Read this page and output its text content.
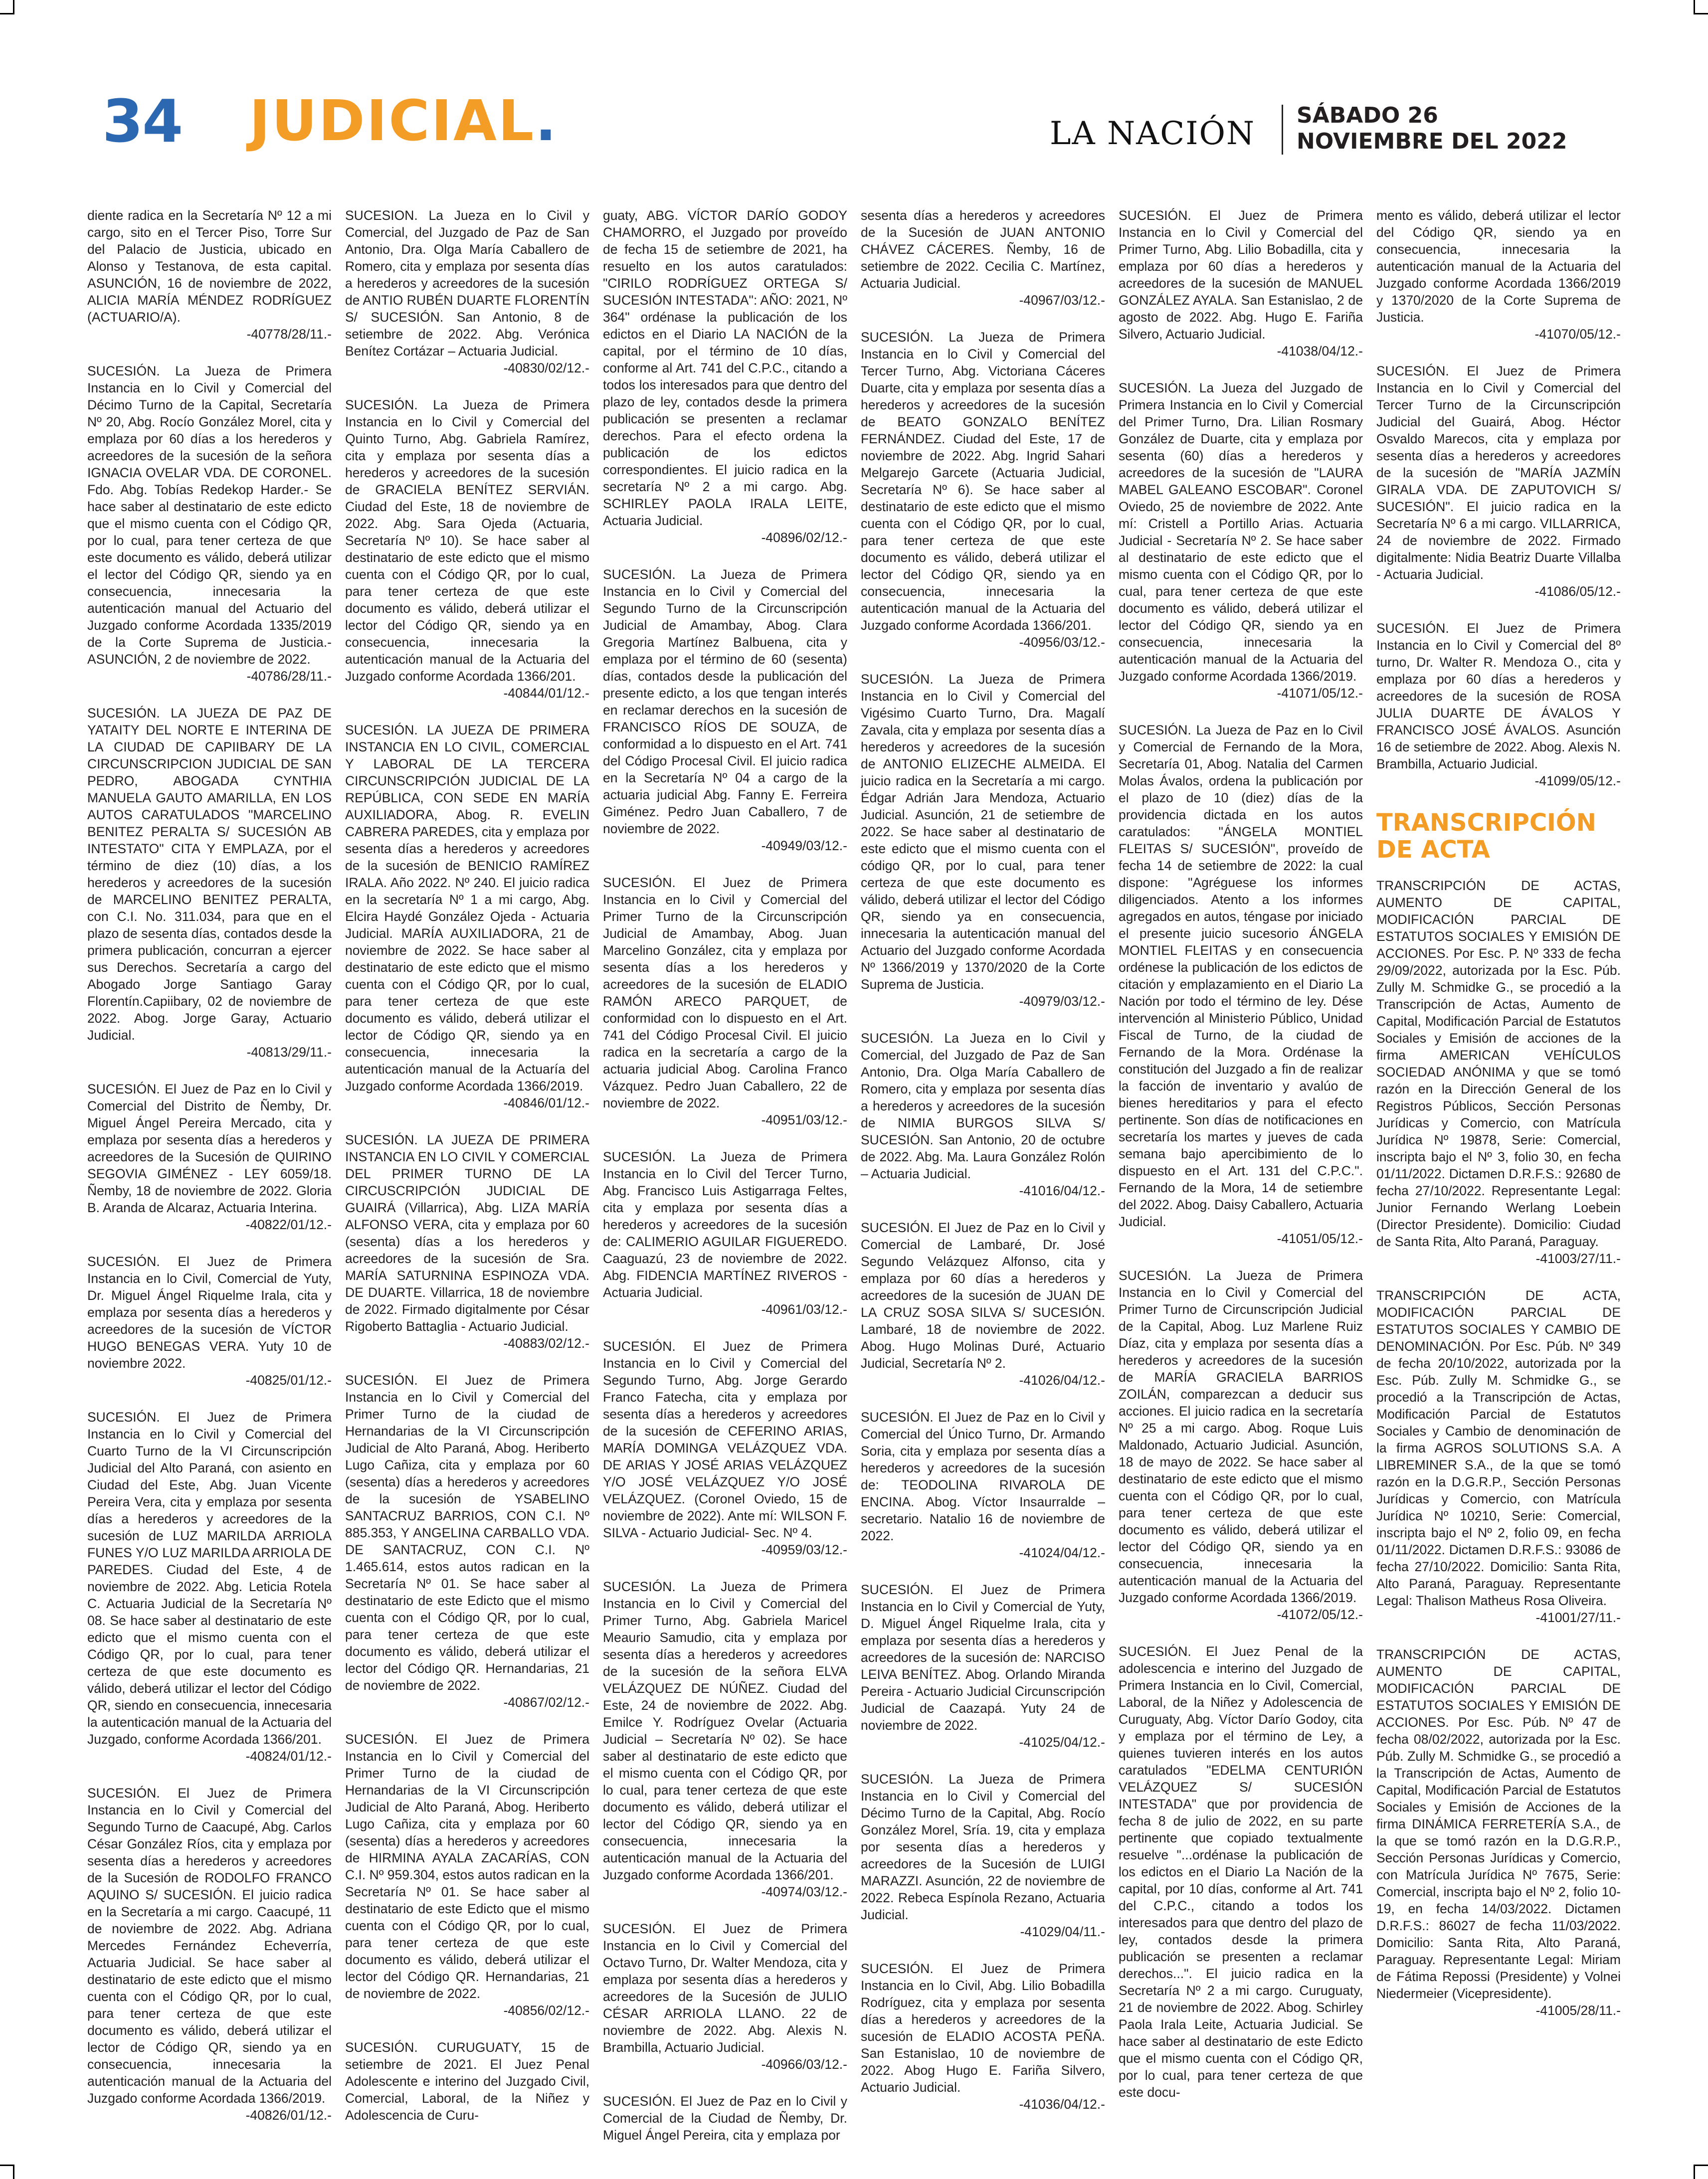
34 JUDICIAL.	LA NACIÓN SÁBADO 26
NOVIEMBRE DEL 2022

diente radica en la Secretaría Nº 12 a mi cargo, sito en el Tercer Piso, Torre Sur del Palacio de Justicia, ubicado en Alonso y Testanova, de esta capital. ASUNCIÓN, 16 de noviembre de 2022, ALICIA MARÍA MÉNDEZ RODRÍGUEZ (ACTUARIO/A).
-40778/28/11.-

SUCESIÓN. La Jueza de Primera Instancia en lo Civil y Comercial del Décimo Turno de la Capital, Secretaría Nº 20, Abg. Rocío González Morel, cita y emplaza por 60 días a los herederos y acreedores de la sucesión de la señora IGNACIA OVELAR VDA. DE CORONEL. Fdo. Abg. Tobías Redekop Harder.- Se hace saber al destinatario de este edicto que el mismo cuenta con el Código QR, por lo cual, para tener certeza de que este documento es válido, deberá utilizar el lector del Código QR, siendo ya en consecuencia, innecesaria la autenticación manual del Actuario del Juzgado conforme Acordada 1335/2019 de la Corte Suprema de Justicia.- ASUNCIÓN, 2 de noviembre de 2022.
-40786/28/11.-

SUCESIÓN. LA JUEZA DE PAZ DE YATAITY DEL NORTE E INTERINA DE LA CIUDAD DE CAPIIBARY DE LA CIRCUNSCRIPCION JUDICIAL DE SAN PEDRO, ABOGADA CYNTHIA MANUELA GAUTO AMARILLA, EN LOS AUTOS CARATULADOS "MARCELINO BENITEZ PERALTA S/ SUCESIÓN AB INTESTATO" CITA Y EMPLAZA, por el término de diez (10) días, a los herederos y acreedores de la sucesión de MARCELINO BENITEZ PERALTA, con C.I. No. 311.034, para que en el plazo de sesenta días, contados desde la primera publicación, concurran a ejercer sus Derechos. Secretaría a cargo del Abogado Jorge Santiago Garay Florentín.Capiibary, 02 de noviembre de 2022. Abog. Jorge Garay, Actuario Judicial.
-40813/29/11.-

SUCESIÓN. El Juez de Paz en lo Civil y Comercial del Distrito de Ñemby, Dr. Miguel Ángel Pereira Mercado, cita y emplaza por sesenta días a herederos y acreedores de la Sucesión de QUIRINO SEGOVIA GIMÉNEZ - LEY 6059/18. Ñemby, 18 de noviembre de 2022. Gloria B. Aranda de Alcaraz, Actuaria Interina.
-40822/01/12.-

SUCESIÓN. El Juez de Primera Instancia en lo Civil, Comercial de Yuty, Dr. Miguel Ángel Riquelme Irala, cita y emplaza por sesenta días a herederos y acreedores de la sucesión de VÍCTOR HUGO BENEGAS VERA. Yuty 10 de noviembre 2022.
-40825/01/12.-

SUCESIÓN. El Juez de Primera Instancia en lo Civil y Comercial del Cuarto Turno de la VI Circunscripción Judicial del Alto Paraná, con asiento en Ciudad del Este, Abg. Juan Vicente Pereira Vera, cita y emplaza por sesenta días a herederos y acreedores de la sucesión de LUZ MARILDA ARRIOLA FUNES Y/O LUZ MARILDA ARRIOLA DE PAREDES. Ciudad del Este, 4 de noviembre de 2022. Abg. Leticia Rotela C. Actuaria Judicial de la Secretaría Nº 08. Se hace saber al destinatario de este edicto que el mismo cuenta con el Código QR, por lo cual, para tener certeza de que este documento es válido, deberá utilizar el lector del Código QR, siendo en consecuencia, innecesaria la autenticación manual de la Actuaria del Juzgado, conforme Acordada 1366/201.
-40824/01/12.-

SUCESIÓN. El Juez de Primera Instancia en lo Civil y Comercial del Segundo Turno de Caacupé, Abg. Carlos César González Ríos, cita y emplaza por sesenta días a herederos y acreedores de la Sucesión de RODOLFO FRANCO AQUINO S/ SUCESIÓN. El juicio radica en la Secretaría a mi cargo. Caacupé, 11 de noviembre de 2022. Abg. Adriana Mercedes Fernández Echeverría, Actuaria Judicial. Se hace saber al destinatario de este edicto que el mismo cuenta con el Código QR, por lo cual, para tener certeza de que este documento es válido, deberá utilizar el lector de Código QR, siendo ya en consecuencia, innecesaria la autenticación manual de la Actuaria del Juzgado conforme Acordada 1366/2019.
-40826/01/12.-

SUCESION. La Jueza en lo Civil y Comercial, del Juzgado de Paz de San Antonio, Dra. Olga María Caballero de Romero, cita y emplaza por sesenta días a herederos y acreedores de la sucesión de ANTIO RUBÉN DUARTE FLORENTÍN S/ SUCESIÓN. San Antonio, 8 de setiembre de 2022. Abg. Verónica Benítez Cortázar – Actuaria Judicial.
-40830/02/12.-

SUCESIÓN. La Jueza de Primera Instancia en lo Civil y Comercial del Quinto Turno, Abg. Gabriela Ramírez, cita y emplaza por sesenta días a herederos y acreedores de la sucesión de GRACIELA BENÍTEZ SERVIÁN. Ciudad del Este, 18 de noviembre de 2022. Abg. Sara Ojeda (Actuaria, Secretaría Nº 10). Se hace saber al destinatario de este edicto que el mismo cuenta con el Código QR, por lo cual, para tener certeza de que este documento es válido, deberá utilizar el lector del Código QR, siendo ya en consecuencia, innecesaria la autenticación manual de la Actuaria del Juzgado conforme Acordada 1366/201.
-40844/01/12.-

SUCESIÓN. LA JUEZA DE PRIMERA INSTANCIA EN LO CIVIL, COMERCIAL Y LABORAL DE LA TERCERA CIRCUNSCRIPCIÓN JUDICIAL DE LA REPÚBLICA, CON SEDE EN MARÍA AUXILIADORA, Abog. R. EVELIN CABRERA PAREDES, cita y emplaza por sesenta días a herederos y acreedores de la sucesión de BENICIO RAMÍREZ IRALA. Año 2022. Nº 240. El juicio radica en la secretaría Nº 1 a mi cargo, Abg. Elcira Haydé González Ojeda - Actuaria Judicial. MARÍA AUXILIADORA, 21 de noviembre de 2022. Se hace saber al destinatario de este edicto que el mismo cuenta con el Código QR, por lo cual, para tener certeza de que este documento es válido, deberá utilizar el lector de Código QR, siendo ya en consecuencia, innecesaria la autenticación manual de la Actuaría del Juzgado conforme Acordada 1366/2019.
-40846/01/12.-

SUCESIÓN. LA JUEZA DE PRIMERA INSTANCIA EN LO CIVIL Y COMERCIAL DEL PRIMER TURNO DE LA CIRCUSCRIPCIÓN JUDICIAL DE GUAIRÁ (Villarrica), Abg. LIZA MARÍA ALFONSO VERA, cita y emplaza por 60 (sesenta) días a los herederos y acreedores de la sucesión de Sra. MARÍA SATURNINA ESPINOZA VDA. DE DUARTE. Villarrica, 18 de noviembre de 2022. Firmado digitalmente por César Rigoberto Battaglia - Actuario Judicial.
-40883/02/12.-

SUCESIÓN. El Juez de Primera Instancia en lo Civil y Comercial del Primer Turno de la ciudad de Hernandarias de la VI Circunscripción Judicial de Alto Paraná, Abog. Heriberto Lugo Cañiza, cita y emplaza por 60 (sesenta) días a herederos y acreedores de la sucesión de YSABELINO SANTACRUZ BARRIOS, CON C.I. Nº 885.353, Y ANGELINA CARBALLO VDA. DE SANTACRUZ, CON C.I. Nº 1.465.614, estos autos radican en la Secretaría Nº 01. Se hace saber al destinatario de este Edicto que el mismo cuenta con el Código QR, por lo cual, para tener certeza de que este documento es válido, deberá utilizar el lector del Código QR. Hernandarias, 21 de noviembre de 2022.
-40867/02/12.-

SUCESIÓN. El Juez de Primera Instancia en lo Civil y Comercial del Primer Turno de la ciudad de Hernandarias de la VI Circunscripción Judicial de Alto Paraná, Abog. Heriberto Lugo Cañiza, cita y emplaza por 60 (sesenta) días a herederos y acreedores de HIRMINA AYALA ZACARÍAS, CON C.I. Nº 959.304, estos autos radican en la Secretaría Nº 01. Se hace saber al destinatario de este Edicto que el mismo cuenta con el Código QR, por lo cual, para tener certeza de que este documento es válido, deberá utilizar el lector del Código QR. Hernandarias, 21 de noviembre de 2022.
-40856/02/12.-

SUCESIÓN. CURUGUATY, 15 de setiembre de 2021. El Juez Penal Adolescente e interino del Juzgado Civil, Comercial, Laboral, de la Niñez y Adolescencia de Curu-

guaty, ABG. VÍCTOR DARÍO GODOY CHAMORRO, el Juzgado por proveído de fecha 15 de setiembre de 2021, ha resuelto en los autos caratulados: "CIRILO RODRÍGUEZ ORTEGA S/ SUCESIÓN INTESTADA": AÑO: 2021, Nº 364" ordénase la publicación de los edictos en el Diario LA NACIÓN de la capital, por el término de 10 días, conforme al Art. 741 del C.P.C., citando a todos los interesados para que dentro del plazo de ley, contados desde la primera publicación se presenten a reclamar derechos. Para el efecto ordena la publicación de los edictos correspondientes. El juicio radica en la secretaría Nº 2 a mi cargo. Abg. SCHIRLEY PAOLA IRALA LEITE, Actuaria Judicial.
-40896/02/12.-

SUCESIÓN. La Jueza de Primera Instancia en lo Civil y Comercial del Segundo Turno de la Circunscripción Judicial de Amambay, Abog. Clara Gregoria Martínez Balbuena, cita y emplaza por el término de 60 (sesenta) días, contados desde la publicación del presente edicto, a los que tengan interés en reclamar derechos en la sucesión de FRANCISCO RÍOS DE SOUZA, de conformidad a lo dispuesto en el Art. 741 del Código Procesal Civil. El juicio radica en la Secretaría Nº 04 a cargo de la actuaria judicial Abg. Fanny E. Ferreira Giménez. Pedro Juan Caballero, 7 de noviembre de 2022.
-40949/03/12.-

SUCESIÓN. El Juez de Primera Instancia en lo Civil y Comercial del Primer Turno de la Circunscripción Judicial de Amambay, Abog. Juan Marcelino González, cita y emplaza por sesenta días a los herederos y acreedores de la sucesión de ELADIO RAMÓN ARECO PARQUET, de conformidad con lo dispuesto en el Art. 741 del Código Procesal Civil. El juicio radica en la secretaría a cargo de la actuaria judicial Abog. Carolina Franco Vázquez. Pedro Juan Caballero, 22 de noviembre de 2022.
-40951/03/12.-

SUCESIÓN. La Jueza de Primera Instancia en lo Civil del Tercer Turno, Abg. Francisco Luis Astigarraga Feltes, cita y emplaza por sesenta días a herederos y acreedores de la sucesión de: CALIMERIO AGUILAR FIGUEREDO. Caaguazú, 23 de noviembre de 2022. Abg. FIDENCIA MARTÍNEZ RIVEROS - Actuaria Judicial.
-40961/03/12.-

SUCESIÓN. El Juez de Primera Instancia en lo Civil y Comercial del Segundo Turno, Abg. Jorge Gerardo Franco Fatecha, cita y emplaza por sesenta días a herederos y acreedores de la sucesión de CEFERINO ARIAS, MARÍA DOMINGA VELÁZQUEZ VDA. DE ARIAS Y JOSÉ ARIAS VELÁZQUEZ Y/O JOSÉ VELÁZQUEZ Y/O JOSÉ VELÁZQUEZ. (Coronel Oviedo, 15 de noviembre de 2022). Ante mí: WILSON F. SILVA - Actuario Judicial- Sec. Nº 4.
-40959/03/12.-

SUCESIÓN. La Jueza de Primera Instancia en lo Civil y Comercial del Primer Turno, Abg. Gabriela Maricel Meaurio Samudio, cita y emplaza por sesenta días a herederos y acreedores de la sucesión de la señora ELVA VELÁZQUEZ DE NÚÑEZ. Ciudad del Este, 24 de noviembre de 2022. Abg. Emilce Y. Rodríguez Ovelar (Actuaria Judicial – Secretaría Nº 02). Se hace saber al destinatario de este edicto que el mismo cuenta con el Código QR, por lo cual, para tener certeza de que este documento es válido, deberá utilizar el lector del Código QR, siendo ya en consecuencia, innecesaria la autenticación manual de la Actuaria del Juzgado conforme Acordada 1366/201.
-40974/03/12.-

SUCESIÓN. El Juez de Primera Instancia en lo Civil y Comercial del Octavo Turno, Dr. Walter Mendoza, cita y emplaza por sesenta días a herederos y acreedores de la Sucesión de JULIO CÉSAR ARRIOLA LLANO. 22 de noviembre de 2022. Abg. Alexis N. Brambilla, Actuario Judicial.
-40966/03/12.-

SUCESIÓN. El Juez de Paz en lo Civil y Comercial de la Ciudad de Ñemby, Dr. Miguel Ángel Pereira, cita y emplaza por

sesenta días a herederos y acreedores de la Sucesión de JUAN ANTONIO CHÁVEZ CÁCERES. Ñemby, 16 de setiembre de 2022. Cecilia C. Martínez, Actuaria Judicial.
-40967/03/12.-

SUCESIÓN. La Jueza de Primera Instancia en lo Civil y Comercial del Tercer Turno, Abg. Victoriana Cáceres Duarte, cita y emplaza por sesenta días a herederos y acreedores de la sucesión de BEATO GONZALO BENÍTEZ FERNÁNDEZ. Ciudad del Este, 17 de noviembre de 2022. Abg. Ingrid Sahari Melgarejo Garcete (Actuaria Judicial, Secretaría Nº 6). Se hace saber al destinatario de este edicto que el mismo cuenta con el Código QR, por lo cual, para tener certeza de que este documento es válido, deberá utilizar el lector del Código QR, siendo ya en consecuencia, innecesaria la autenticación manual de la Actuaria del Juzgado conforme Acordada 1366/201.
-40956/03/12.-

SUCESIÓN. La Jueza de Primera Instancia en lo Civil y Comercial del Vigésimo Cuarto Turno, Dra. Magalí Zavala, cita y emplaza por sesenta días a herederos y acreedores de la sucesión de ANTONIO ELIZECHE ALMEIDA. El juicio radica en la Secretaría a mi cargo. Édgar Adrián Jara Mendoza, Actuario Judicial. Asunción, 21 de setiembre de 2022. Se hace saber al destinatario de este edicto que el mismo cuenta con el código QR, por lo cual, para tener certeza de que este documento es válido, deberá utilizar el lector del Código QR, siendo ya en consecuencia, innecesaria la autenticación manual del Actuario del Juzgado conforme Acordada Nº 1366/2019 y 1370/2020 de la Corte Suprema de Justicia.
-40979/03/12.-

SUCESIÓN. La Jueza en lo Civil y Comercial, del Juzgado de Paz de San Antonio, Dra. Olga María Caballero de Romero, cita y emplaza por sesenta días a herederos y acreedores de la sucesión de NIMIA BURGOS SILVA S/ SUCESIÓN. San Antonio, 20 de octubre de 2022. Abg. Ma. Laura González Rolón – Actuaria Judicial.
-41016/04/12.-

SUCESIÓN. El Juez de Paz en lo Civil y Comercial de Lambaré, Dr. José Segundo Velázquez Alfonso, cita y emplaza por 60 días a herederos y acreedores de la sucesión de JUAN DE LA CRUZ SOSA SILVA S/ SUCESIÓN. Lambaré, 18 de noviembre de 2022. Abog. Hugo Molinas Duré, Actuario Judicial, Secretaría Nº 2.
-41026/04/12.-

SUCESIÓN. El Juez de Paz en lo Civil y Comercial del Único Turno, Dr. Armando Soria, cita y emplaza por sesenta días a herederos y acreedores de la sucesión de: TEODOLINA RIVAROLA DE ENCINA. Abog. Víctor Insaurralde – secretario. Natalio 16 de noviembre de 2022.
-41024/04/12.-

SUCESIÓN. El Juez de Primera Instancia en lo Civil y Comercial de Yuty, D. Miguel Ángel Riquelme Irala, cita y emplaza por sesenta días a herederos y acreedores de la sucesión de: NARCISO LEIVA BENÍTEZ. Abog. Orlando Miranda Pereira - Actuario Judicial Circunscripción Judicial de Caazapá. Yuty 24 de noviembre de 2022.
-41025/04/12.-

SUCESIÓN. La Jueza de Primera Instancia en lo Civil y Comercial del Décimo Turno de la Capital, Abg. Rocío González Morel, Sría. 19, cita y emplaza por sesenta días a herederos y acreedores de la Sucesión de LUIGI MARAZZI. Asunción, 22 de noviembre de 2022. Rebeca Espínola Rezano, Actuaria Judicial.
-41029/04/11.-

SUCESIÓN. El Juez de Primera Instancia en lo Civil, Abg. Lilio Bobadilla Rodríguez, cita y emplaza por sesenta días a herederos y acreedores de la sucesión de ELADIO ACOSTA PEÑA. San Estanislao, 10 de noviembre de 2022. Abog Hugo E. Fariña Silvero, Actuario Judicial.
-41036/04/12.-

SUCESIÓN. El Juez de Primera Instancia en lo Civil y Comercial del Primer Turno, Abg. Lilio Bobadilla, cita y emplaza por 60 días a herederos y acreedores de la sucesión de MANUEL GONZÁLEZ AYALA. San Estanislao, 2 de agosto de 2022. Abg. Hugo E. Fariña Silvero, Actuario Judicial.
-41038/04/12.-

SUCESIÓN. La Jueza del Juzgado de Primera Instancia en lo Civil y Comercial del Primer Turno, Dra. Lilian Rosmary González de Duarte, cita y emplaza por sesenta (60) días a herederos y acreedores de la sucesión de "LAURA MABEL GALEANO ESCOBAR". Coronel Oviedo, 25 de noviembre de 2022. Ante mí: Cristell a Portillo Arias. Actuaria Judicial - Secretaría Nº 2. Se hace saber al destinatario de este edicto que el mismo cuenta con el Código QR, por lo cual, para tener certeza de que este documento es válido, deberá utilizar el lector del Código QR, siendo ya en consecuencia, innecesaria la autenticación manual de la Actuaria del Juzgado conforme Acordada 1366/2019.
-41071/05/12.-

SUCESIÓN. La Jueza de Paz en lo Civil y Comercial de Fernando de la Mora, Secretaría 01, Abog. Natalia del Carmen Molas Ávalos, ordena la publicación por el plazo de 10 (diez) días de la providencia dictada en los autos caratulados: "ÁNGELA MONTIEL FLEITAS S/ SUCESIÓN", proveído de fecha 14 de setiembre de 2022: la cual dispone: "Agréguese los informes diligenciados. Atento a los informes agregados en autos, téngase por iniciado el presente juicio sucesorio ÁNGELA MONTIEL FLEITAS y en consecuencia ordénese la publicación de los edictos de citación y emplazamiento en el Diario La Nación por todo el término de ley. Dése intervención al Ministerio Público, Unidad Fiscal de Turno, de la ciudad de Fernando de la Mora. Ordénase la constitución del Juzgado a fin de realizar la facción de inventario y avalúo de bienes hereditarios y para el efecto pertinente. Son días de notificaciones en secretaría los martes y jueves de cada semana bajo apercibimiento de lo dispuesto en el Art. 131 del C.P.C.". Fernando de la Mora, 14 de setiembre del 2022. Abog. Daisy Caballero, Actuaria Judicial.
-41051/05/12.-

SUCESIÓN. La Jueza de Primera Instancia en lo Civil y Comercial del Primer Turno de Circunscripción Judicial de la Capital, Abog. Luz Marlene Ruiz Díaz, cita y emplaza por sesenta días a herederos y acreedores de la sucesión de MARÍA GRACIELA BARRIOS ZOILÁN, comparezcan a deducir sus acciones. El juicio radica en la secretaría Nº 25 a mi cargo. Abog. Roque Luis Maldonado, Actuario Judicial. Asunción, 18 de mayo de 2022. Se hace saber al destinatario de este edicto que el mismo cuenta con el Código QR, por lo cual, para tener certeza de que este documento es válido, deberá utilizar el lector del Código QR, siendo ya en consecuencia, innecesaria la autenticación manual de la Actuaria del Juzgado conforme Acordada 1366/2019.
-41072/05/12.-

SUCESIÓN. El Juez Penal de la adolescencia e interino del Juzgado de Primera Instancia en lo Civil, Comercial, Laboral, de la Niñez y Adolescencia de Curuguaty, Abg. Víctor Darío Godoy, cita y emplaza por el término de Ley, a quienes tuvieren interés en los autos caratulados "EDELMA CENTURIÓN VELÁZQUEZ S/ SUCESIÓN INTESTADA" que por providencia de fecha 8 de julio de 2022, en su parte pertinente que copiado textualmente resuelve "...ordénase la publicación de los edictos en el Diario La Nación de la capital, por 10 días, conforme al Art. 741 del C.P.C., citando a todos los interesados para que dentro del plazo de ley, contados desde la primera publicación se presenten a reclamar derechos...". El juicio radica en la Secretaría Nº 2 a mi cargo. Curuguaty, 21 de noviembre de 2022. Abog. Schirley Paola Irala Leite, Actuaria Judicial. Se hace saber al destinatario de este Edicto que el mismo cuenta con el Código QR, por lo cual, para tener certeza de que este docu-

mento es válido, deberá utilizar el lector del Código QR, siendo ya en consecuencia, innecesaria la autenticación manual de la Actuaria del Juzgado conforme Acordada 1366/2019 y 1370/2020 de la Corte Suprema de Justicia.
-41070/05/12.-

SUCESIÓN. El Juez de Primera Instancia en lo Civil y Comercial del Tercer Turno de la Circunscripción Judicial del Guairá, Abog. Héctor Osvaldo Marecos, cita y emplaza por sesenta días a herederos y acreedores de la sucesión de "MARÍA JAZMÍN GIRALA VDA. DE ZAPUTOVICH S/ SUCESIÓN". El juicio radica en la Secretaría Nº 6 a mi cargo. VILLARRICA, 24 de noviembre de 2022. Firmado digitalmente: Nidia Beatriz Duarte Villalba - Actuaria Judicial.
-41086/05/12.-

SUCESIÓN. El Juez de Primera Instancia en lo Civil y Comercial del 8º turno, Dr. Walter R. Mendoza O., cita y emplaza por 60 días a herederos y acreedores de la sucesión de ROSA JULIA DUARTE DE ÁVALOS Y FRANCISCO JOSÉ ÁVALOS. Asunción 16 de setiembre de 2022. Abog. Alexis N. Brambilla, Actuario Judicial.
-41099/05/12.-

TRANSCRIPCIÓN DE ACTA

TRANSCRIPCIÓN DE ACTAS, AUMENTO DE CAPITAL, MODIFICACIÓN PARCIAL DE ESTATUTOS SOCIALES Y EMISIÓN DE ACCIONES. Por Esc. P. Nº 333 de fecha 29/09/2022, autorizada por la Esc. Púb. Zully M. Schmidke G., se procedió a la Transcripción de Actas, Aumento de Capital, Modificación Parcial de Estatutos Sociales y Emisión de acciones de la firma AMERICAN VEHÍCULOS SOCIEDAD ANÓNIMA y que se tomó razón en la Dirección General de los Registros Públicos, Sección Personas Jurídicas y Comercio, con Matrícula Jurídica Nº 19878, Serie: Comercial, inscripta bajo el Nº 3, folio 30, en fecha 01/11/2022. Dictamen D.R.F.S.: 92680 de fecha 27/10/2022. Representante Legal: Junior Fernando Werlang Loebein (Director Presidente). Domicilio: Ciudad de Santa Rita, Alto Paraná, Paraguay.
-41003/27/11.-

TRANSCRIPCIÓN DE ACTA, MODIFICACIÓN PARCIAL DE ESTATUTOS SOCIALES Y CAMBIO DE DENOMINACIÓN. Por Esc. Púb. Nº 349 de fecha 20/10/2022, autorizada por la Esc. Púb. Zully M. Schmidke G., se procedió a la Transcripción de Actas, Modificación Parcial de Estatutos Sociales y Cambio de denominación de la firma AGROS SOLUTIONS S.A. A LIBREMINER S.A., de la que se tomó razón en la D.G.R.P., Sección Personas Jurídicas y Comercio, con Matrícula Jurídica Nº 10210, Serie: Comercial, inscripta bajo el Nº 2, folio 09, en fecha 01/11/2022. Dictamen D.R.F.S.: 93086 de fecha 27/10/2022. Domicilio: Santa Rita, Alto Paraná, Paraguay. Representante Legal: Thalison Matheus Rosa Oliveira.
-41001/27/11.-

TRANSCRIPCIÓN DE ACTAS, AUMENTO DE CAPITAL, MODIFICACIÓN PARCIAL DE ESTATUTOS SOCIALES Y EMISIÓN DE ACCIONES. Por Esc. Púb. Nº 47 de fecha 08/02/2022, autorizada por la Esc. Púb. Zully M. Schmidke G., se procedió a la Transcripción de Actas, Aumento de Capital, Modificación Parcial de Estatutos Sociales y Emisión de Acciones de la firma DINÁMICA FERRETERÍA S.A., de la que se tomó razón en la D.G.R.P., Sección Personas Jurídicas y Comercio, con Matrícula Jurídica Nº 7675, Serie: Comercial, inscripta bajo el Nº 2, folio 10-19, en fecha 14/03/2022. Dictamen D.R.F.S.: 86027 de fecha 11/03/2022. Domicilio: Santa Rita, Alto Paraná, Paraguay. Representante Legal: Miriam de Fátima Repossi (Presidente) y Volnei Niedermeier (Vicepresidente).
-41005/28/11.-
